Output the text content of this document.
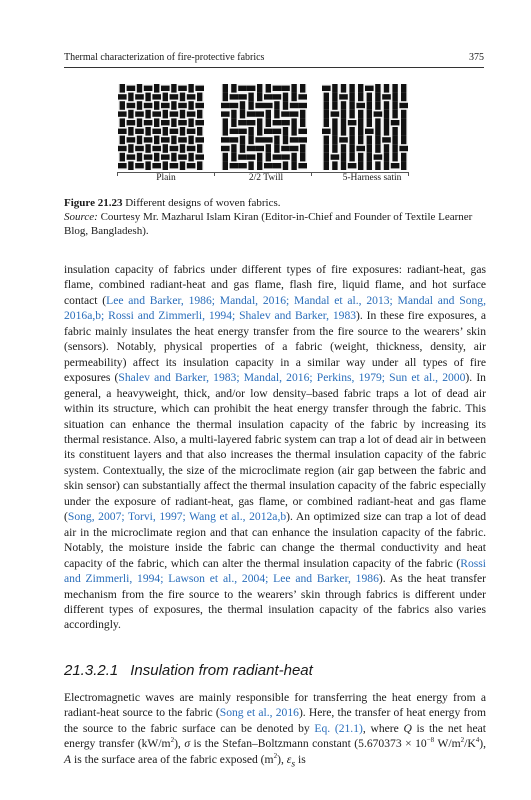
Thermal characterization of fire-protective fabrics	375
Plain	2/2 Twill	5-Harness satin

Figure 21.23 Different designs of woven fabrics.

Source: Courtesy Mr. Mazharul Islam Kiran (Editor-in-Chief and Founder of Textile Learner Blog, Bangladesh).

insulation capacity of fabrics under different types of fire exposures: radiant-heat, gas flame, combined radiant-heat and gas flame, flash fire, liquid flame, and hot surface contact (Lee and Barker, 1986; Mandal, 2016; Mandal et al., 2013; Mandal and Song, 2016a,b; Rossi and Zimmerli, 1994; Shalev and Barker, 1983). In these fire exposures, a fabric mainly insulates the heat energy transfer from the fire source to the wearers’ skin (sensors). Notably, physical properties of a fabric (weight, thickness, density, air permeability) affect its insulation capacity in a similar way under all types of fire exposures (Shalev and Barker, 1983; Mandal, 2016; Perkins, 1979; Sun et al., 2000). In general, a heavyweight, thick, and/or low density–based fabric traps a lot of dead air within its structure, which can prohibit the heat energy transfer through the fabric. This situation can enhance the thermal insulation capacity of the fabric by increasing its thermal resistance. Also, a multi-layered fabric system can trap a lot of dead air in between its constituent layers and that also increases the thermal insulation capacity of the fabric system. Contextually, the size of the microclimate region (air gap between the fabric and skin sensor) can substantially affect the thermal insulation capacity of the fabric especially under the exposure of radiant-heat, gas flame, or combined radiant-heat and gas flame (Song, 2007; Torvi, 1997; Wang et al., 2012a,b). An optimized size can trap a lot of dead air in the microclimate region and that can enhance the insulation capacity of the fabric. Notably, the moisture inside the fabric can change the thermal conductivity and heat capacity of the fabric, which can alter the thermal insulation capacity of the fabric (Rossi and Zimmerli, 1994; Lawson et al., 2004; Lee and Barker, 1986). As the heat transfer mechanism from the fire source to the wearers’ skin through fabrics is different under different types of exposures, the thermal insulation capacity of the fabrics also varies accordingly.

21.3.2.1 Insulation from radiant-heat

Electromagnetic waves are mainly responsible for transferring the heat energy from a radiant-heat source to the fabric (Song et al., 2016). Here, the transfer of heat energy from the source to the fabric surface can be denoted by Eq. (21.1), where Q is the net heat energy transfer $(kW/m^2)$, σ is the Stefan–Boltzmann constant ($5.670373 \times 10^{-8}$ $W/m^2/K^4$), A is the surface area of the fabric exposed $(m^2)$, $\varepsilon_s$ is
